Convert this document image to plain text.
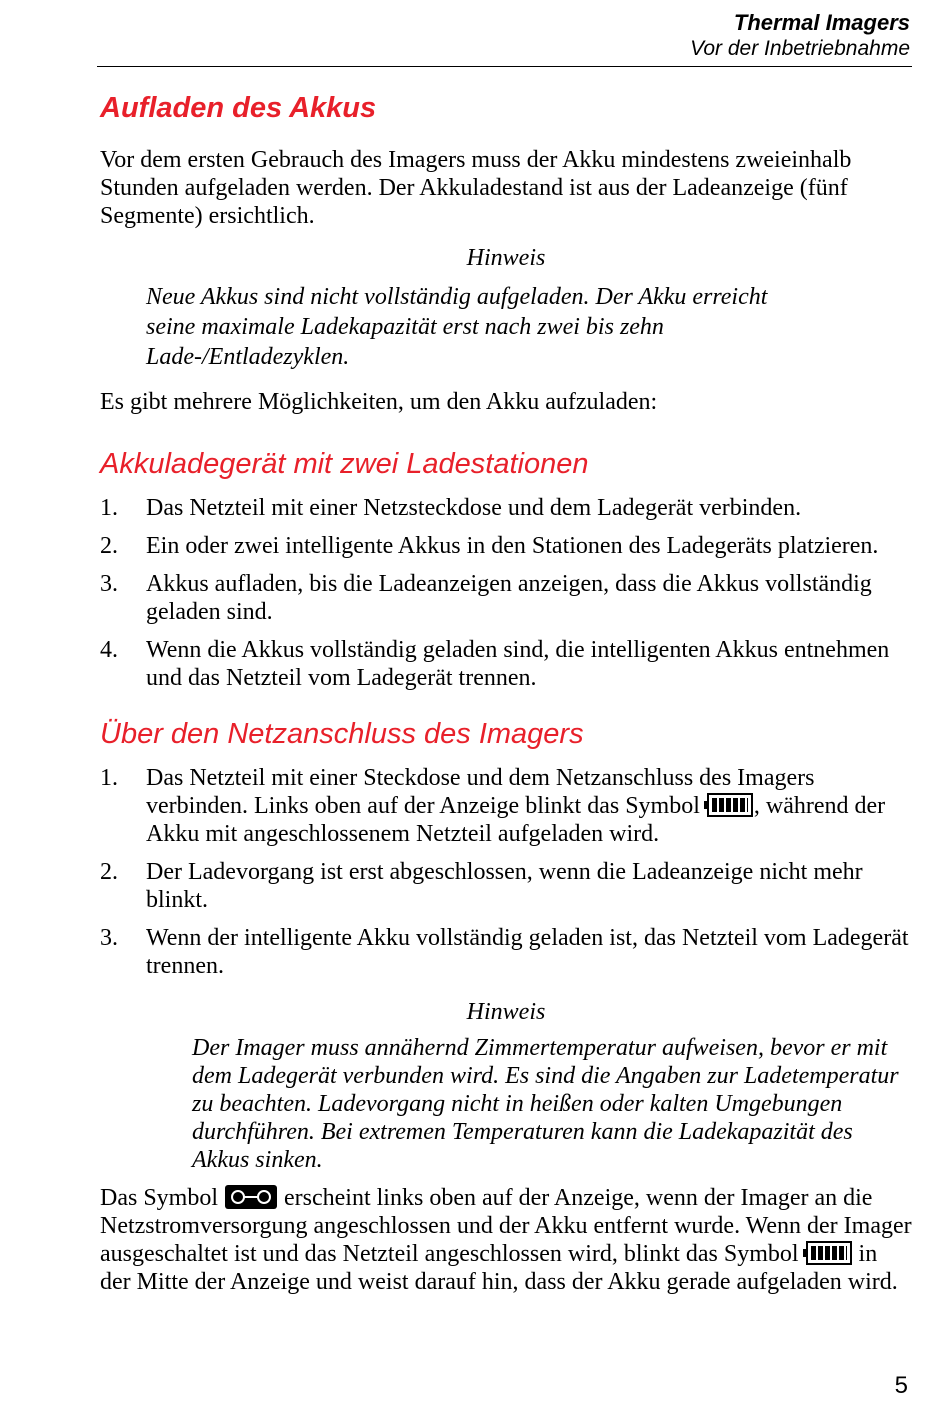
Thermal Imagers
Vor der Inbetriebnahme
Aufladen des Akkus

Vor dem ersten Gebrauch des Imagers muss der Akku mindestens zweieinhalb Stunden aufgeladen werden. Der Akkuladestand ist aus der Ladeanzeige (fünf Segmente) ersichtlich.

Hinweis

Neue Akkus sind nicht vollständig aufgeladen. Der Akku erreicht seine maximale Ladekapazität erst nach zwei bis zehn Lade-/Entladezyklen.

Es gibt mehrere Möglichkeiten, um den Akku aufzuladen:

Akkuladegerät mit zwei Ladestationen
1. Das Netzteil mit einer Netzsteckdose und dem Ladegerät verbinden.
2. Ein oder zwei intelligente Akkus in den Stationen des Ladegeräts platzieren.
3. Akkus aufladen, bis die Ladeanzeigen anzeigen, dass die Akkus vollständig geladen sind.
4. Wenn die Akkus vollständig geladen sind, die intelligenten Akkus entnehmen und das Netzteil vom Ladegerät trennen.
Über den Netzanschluss des Imagers
1. Das Netzteil mit einer Steckdose und dem Netzanschluss des Imagers verbinden. Links oben auf der Anzeige blinkt das Symbol , während der Akku mit angeschlossenem Netzteil aufgeladen wird.
2. Der Ladevorgang ist erst abgeschlossen, wenn die Ladeanzeige nicht mehr blinkt.
3. Wenn der intelligente Akku vollständig geladen ist, das Netzteil vom Ladegerät trennen.

Hinweis

Der Imager muss annähernd Zimmertemperatur aufweisen, bevor er mit dem Ladegerät verbunden wird. Es sind die Angaben zur Ladetemperatur zu beachten. Ladevorgang nicht in heißen oder kalten Umgebungen durchführen. Bei extremen Temperaturen kann die Ladekapazität des Akkus sinken.

Das Symbol	erscheint links oben auf der Anzeige, wenn der Imager an die Netzstromversorgung angeschlossen und der Akku entfernt wurde. Wenn der Imager ausgeschaltet ist und das Netzteil angeschlossen wird, blinkt das Symbol	in der Mitte der Anzeige und weist darauf hin, dass der Akku gerade aufgeladen wird.

5
